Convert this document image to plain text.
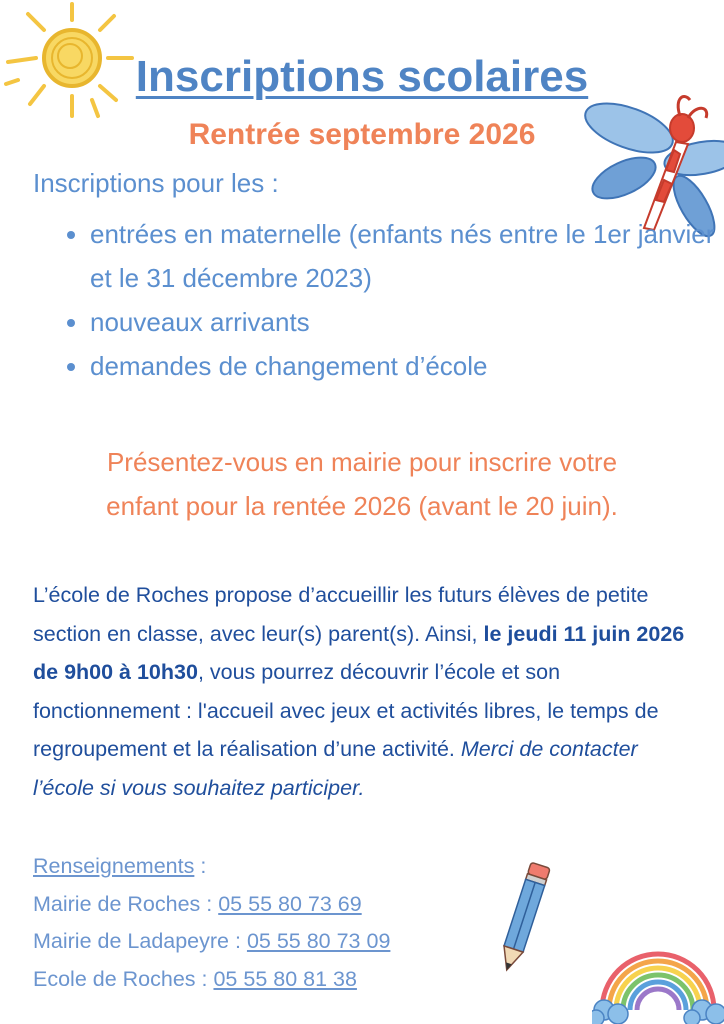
Inscriptions scolaires
Rentrée septembre 2026
Inscriptions pour les :
• entrées en maternelle (enfants nés entre le 1er janvier et le 31 décembre 2023)
• nouveaux arrivants
• demandes de changement d’école
Présentez-vous en mairie pour inscrire votre
enfant pour la rentée 2026 (avant le 20 juin).
L’école de Roches propose d’accueillir les futurs élèves de petite section en classe, avec leur(s) parent(s). Ainsi, le jeudi 11 juin 2026 de 9h00 à 10h30, vous pourrez découvrir l’école et son fonctionnement : l'accueil avec jeux et activités libres, le temps de regroupement et la réalisation d’une activité. Merci de contacter l’école si vous souhaitez participer.
Renseignements :
Mairie de Roches : 05 55 80 73 69
Mairie de Ladapeyre : 05 55 80 73 09
Ecole de Roches : 05 55 80 81 38
